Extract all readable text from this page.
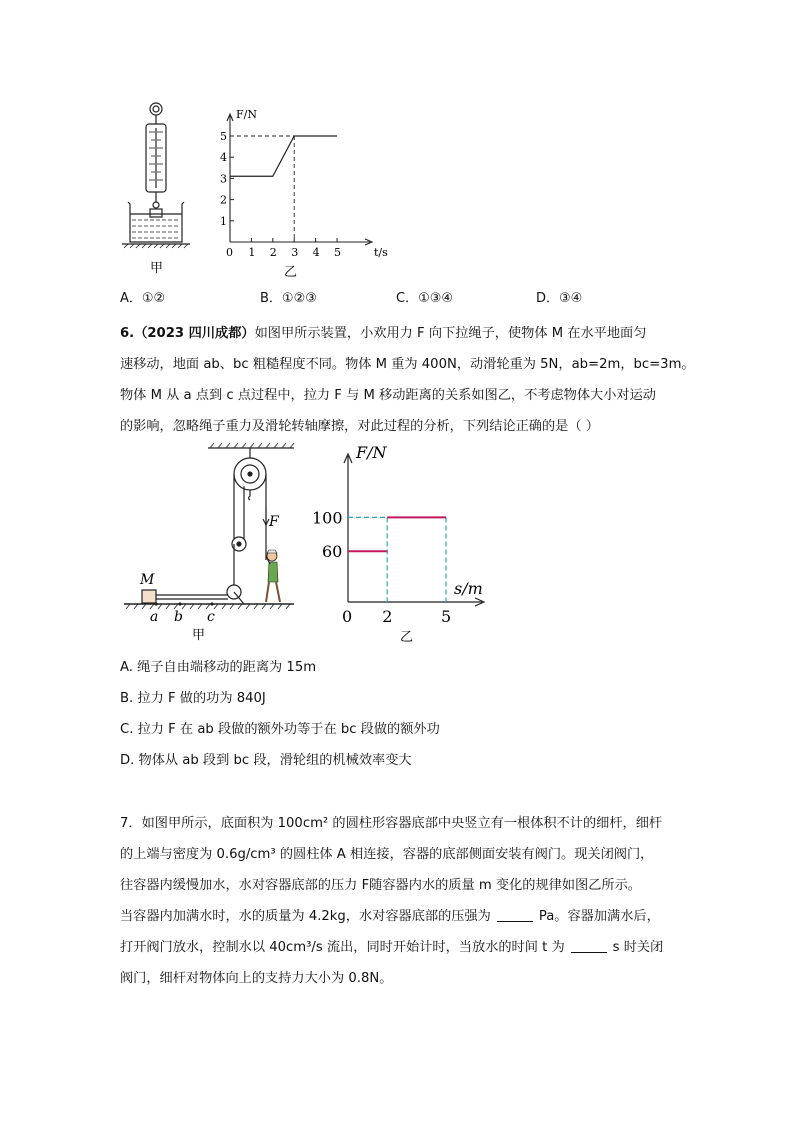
甲
F/N
t/s
1
2
3
4
5
0 1 2 3 4 5
乙
A．①②	B．①②③	C．①③④	D．③④
6.（2023 四川成都）如图甲所示装置，小欢用力 F 向下拉绳子，使物体 M 在水平地面匀
速移动，地面 ab、bc 粗糙程度不同。物体 M 重为 400N，动滑轮重为 5N，ab=2m，bc=3m。
物体 M 从 a 点到 c 点过程中，拉力 F 与 M 移动距离的关系如图乙，不考虑物体大小对运动
的影响，忽略绳子重力及滑轮转轴摩擦，对此过程的分析，下列结论正确的是（ ）
M
F
a b c
甲
F/N
s/m
100
60
0 2	5
乙
A. 绳子自由端移动的距离为 15m
B. 拉力 F 做的功为 840J
C. 拉力 F 在 ab 段做的额外功等于在 bc 段做的额外功
D. 物体从 ab 段到 bc 段，滑轮组的机械效率变大
7．如图甲所示，底面积为 100cm² 的圆柱形容器底部中央竖立有一根体积不计的细杆，细杆
的上端与密度为 0.6g/cm³ 的圆柱体 A 相连接，容器的底部侧面安装有阀门。现关闭阀门，
往容器内缓慢加水，水对容器底部的压力 F随容器内水的质量 m 变化的规律如图乙所示。
当容器内加满水时，水的质量为 4.2kg，水对容器底部的压强为	Pa。容器加满水后，
打开阀门放水，控制水以 40cm³/s 流出，同时开始计时，当放水的时间 t 为	s 时关闭
阀门，细杆对物体向上的支持力大小为 0.8N。
